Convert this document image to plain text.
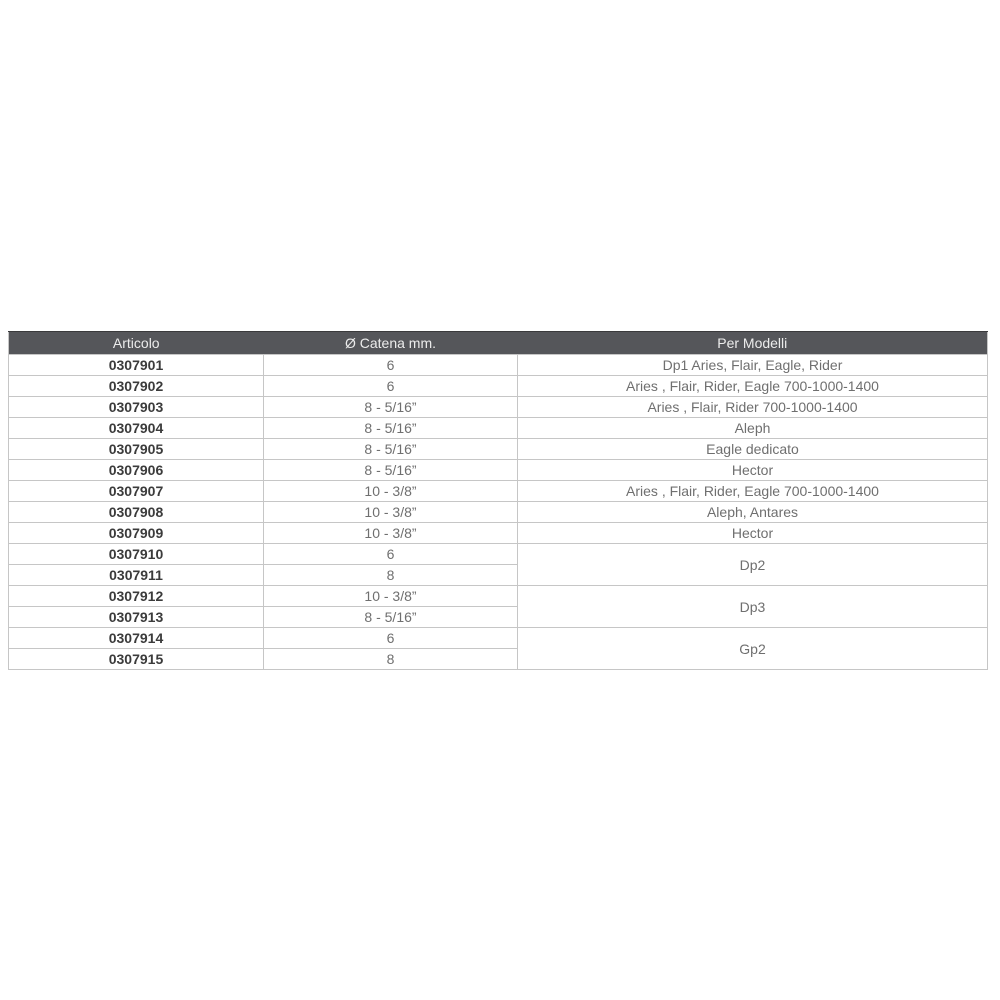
Articolo	Ø Catena mm.	Per Modelli
0307901	6	Dp1 Aries, Flair, Eagle, Rider
0307902	6	Aries , Flair, Rider, Eagle 700-1000-1400
0307903	8 - 5/16”	Aries , Flair, Rider 700-1000-1400
0307904	8 - 5/16”	Aleph
0307905	8 - 5/16”	Eagle dedicato
0307906	8 - 5/16”	Hector
0307907	10 - 3/8”	Aries , Flair, Rider, Eagle 700-1000-1400
0307908	10 - 3/8”	Aleph, Antares
0307909	10 - 3/8”	Hector
0307910	6	Dp2
0307911	8	
0307912	10 - 3/8”	Dp3
0307913	8 - 5/16”	
0307914	6	Gp2
0307915	8	
